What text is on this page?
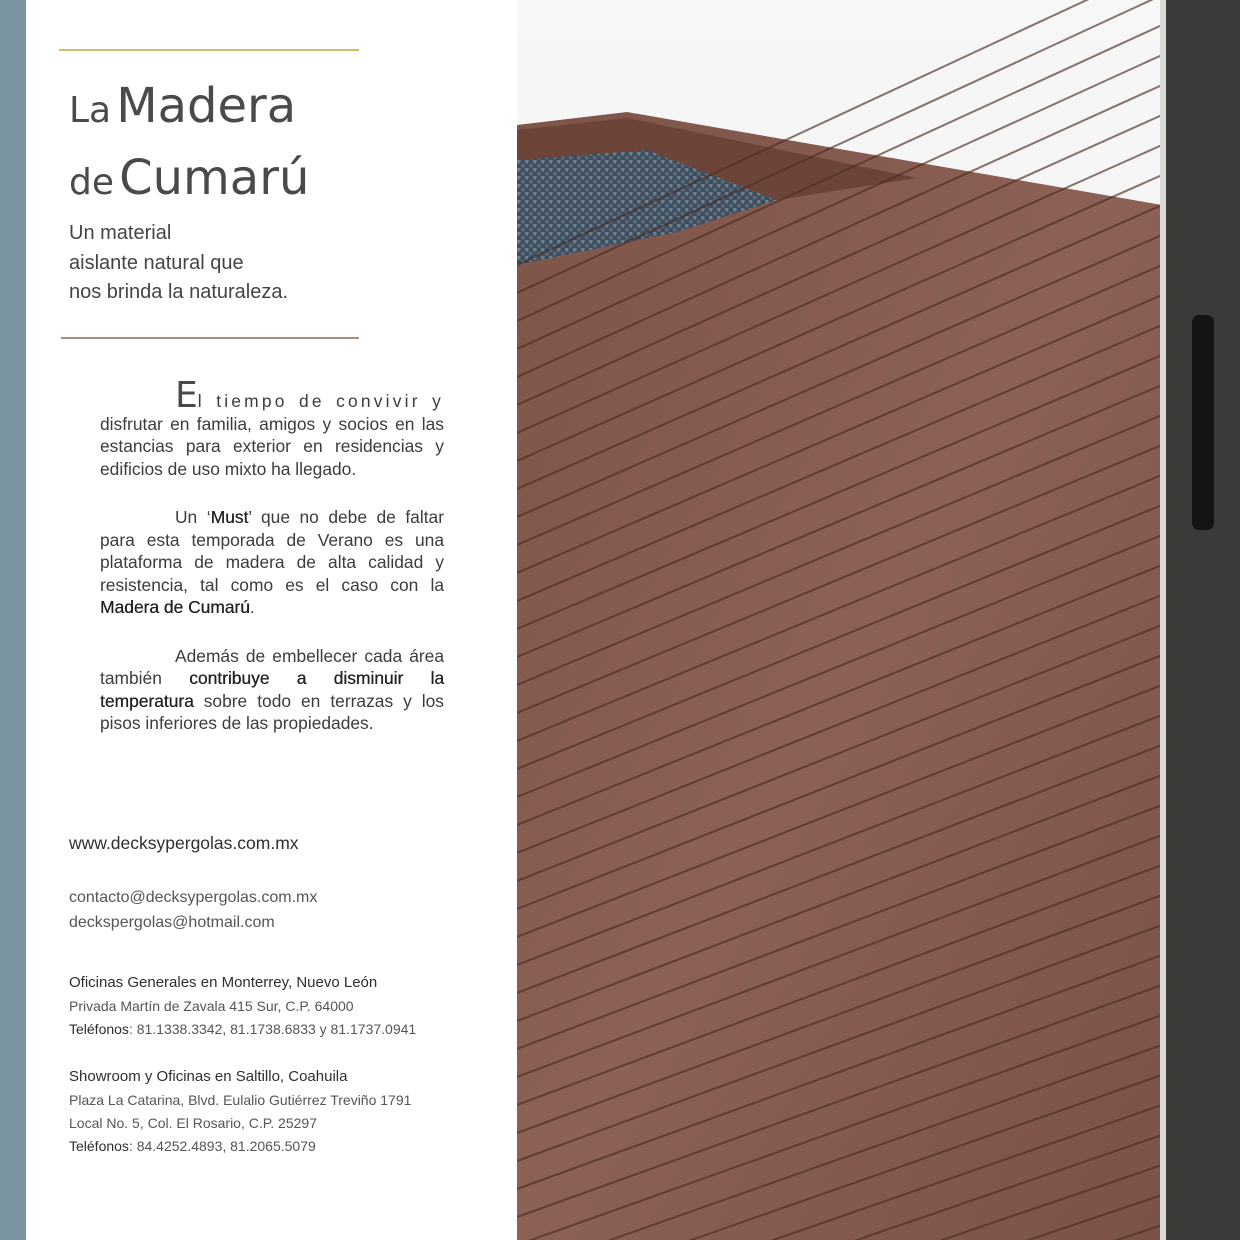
La Madera
de Cumarú
Un material
aislante natural que
nos brinda la naturaleza.

El tiempo de convivir y disfrutar en familia, amigos y socios en las estancias para exterior en residencias y edificios de uso mixto ha llegado.

Un ‘Must’ que no debe de faltar para esta temporada de Verano es una plataforma de madera de alta calidad y resistencia, tal como es el caso con la Madera de Cumarú.

Además de embellecer cada área también contribuye a disminuir la temperatura sobre todo en terrazas y los pisos inferiores de las propiedades.

www.decksypergolas.com.mx
contacto@decksypergolas.com.mx
deckspergolas@hotmail.com
Oficinas Generales en Monterrey, Nuevo León
Privada Martín de Zavala 415 Sur, C.P. 64000
Teléfonos: 81.1338.3342, 81.1738.6833 y 81.1737.0941
Showroom y Oficinas en Saltillo, Coahuila
Plaza La Catarina, Blvd. Eulalio Gutiérrez Treviño 1791
Local No. 5, Col. El Rosario, C.P. 25297
Teléfonos: 84.4252.4893, 81.2065.5079
